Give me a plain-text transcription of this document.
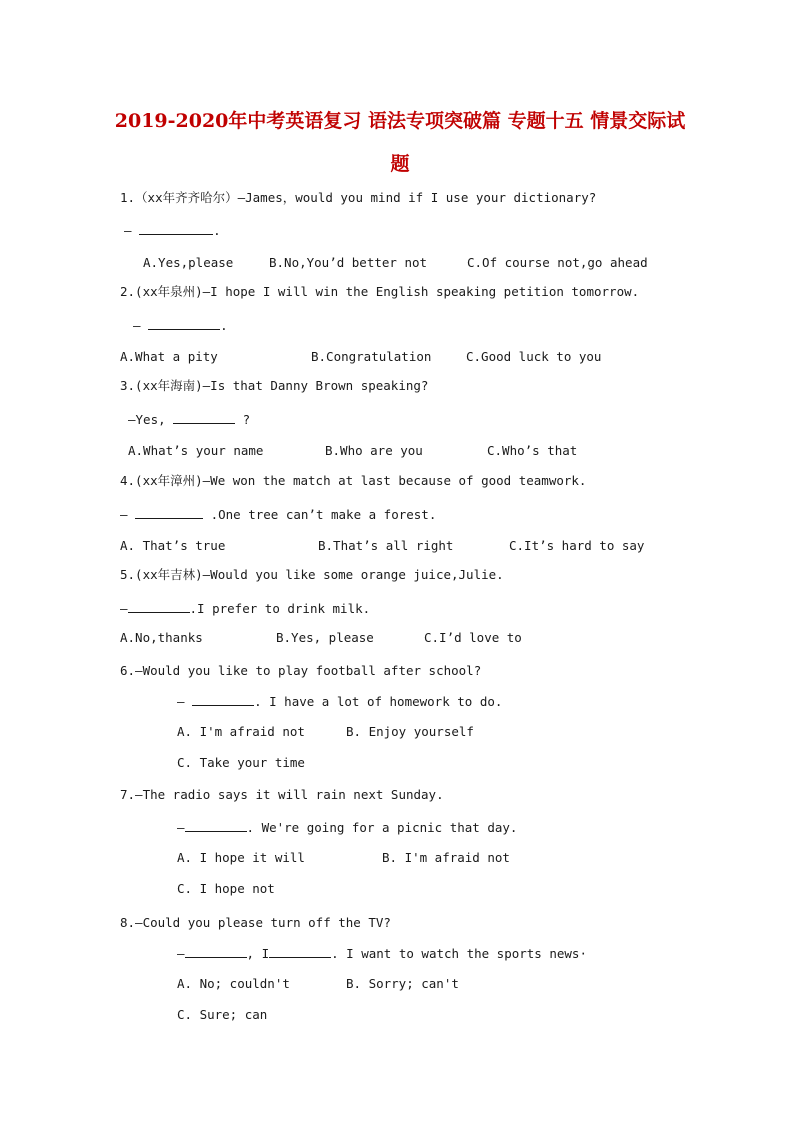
2019-2020年中考英语复习 语法专项突破篇 专题十五 情景交际试
题
1.（xx年齐齐哈尔）—James，would you mind if I use your dictionary?
—	.
A.Yes,please	B.No,You’d better not	C.Of course not,go ahead
2.(xx年泉州)—I hope I will win the English speaking petition tomorrow.
—	.
A.What a pity	B.Congratulation	C.Good luck to you
3.(xx年海南)—Is that Danny Brown speaking?
—Yes,	?
A.What’s your name	B.Who are you	C.Who’s that
4.(xx年漳州)—We won the match at last because of good teamwork.
—	.One tree can’t make a forest.
A. That’s true	B.That’s all right	C.It’s hard to say
5.(xx年吉林)—Would you like some orange juice,Julie.
—	.I prefer to drink milk.
A.No,thanks	B.Yes, please	C.I’d love to
6.—Would you like to play football after school?
—	. I have a lot of homework to do.
A. I'm afraid not	B. Enjoy yourself
C. Take your time
7.—The radio says it will rain next Sunday.
—	. We're going for a picnic that day.
A. I hope it will	B. I'm afraid not
C. I hope not
8.—Could you please turn off the TV?
—	, I	. I want to watch the sports news·
A. No; couldn't	B. Sorry; can't
C. Sure; can
